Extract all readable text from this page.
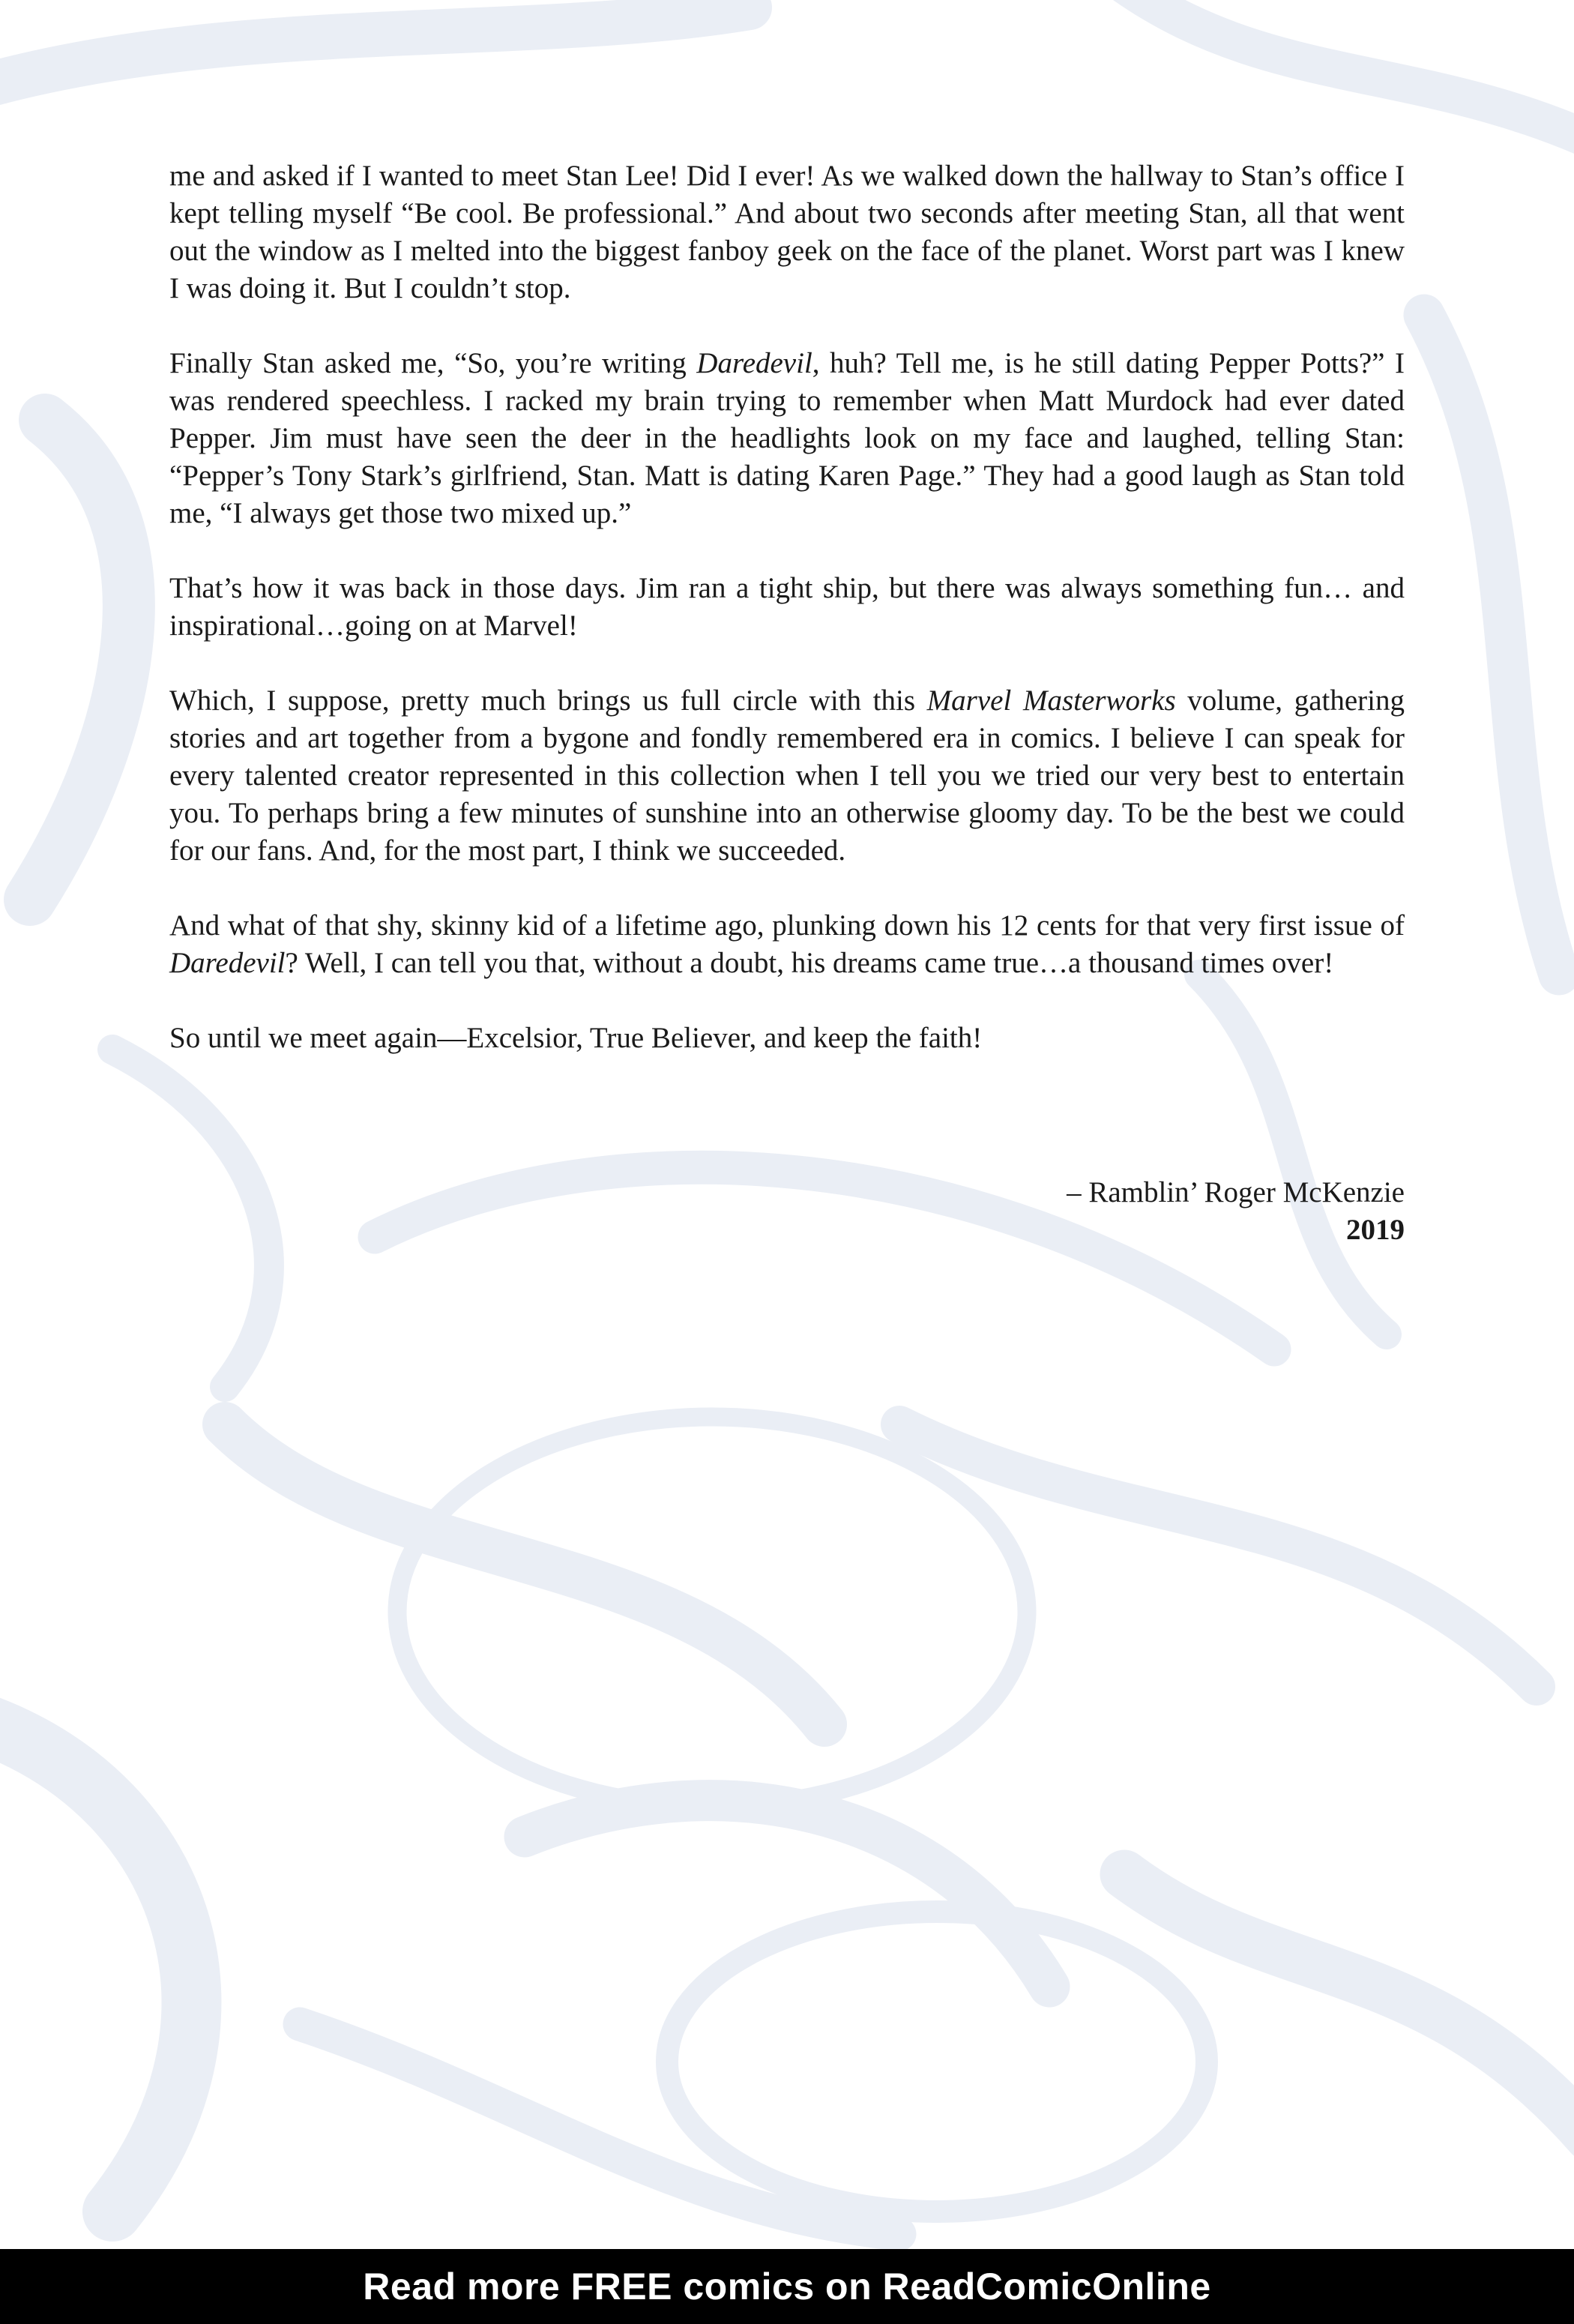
me and asked if I wanted to meet Stan Lee! Did I ever! As we walked down the hallway to Stan’s office I kept telling myself “Be cool. Be professional.” And about two seconds after meeting Stan, all that went out the window as I melted into the biggest fanboy geek on the face of the planet. Worst part was I knew I was doing it. But I couldn’t stop.

Finally Stan asked me, “So, you’re writing Daredevil, huh? Tell me, is he still dating Pepper Potts?” I was rendered speechless. I racked my brain trying to remember when Matt Murdock had ever dated Pepper. Jim must have seen the deer in the headlights look on my face and laughed, telling Stan: “Pepper’s Tony Stark’s girlfriend, Stan. Matt is dating Karen Page.” They had a good laugh as Stan told me, “I always get those two mixed up.”

That’s how it was back in those days. Jim ran a tight ship, but there was always something fun… and inspirational…going on at Marvel!

Which, I suppose, pretty much brings us full circle with this Marvel Masterworks volume, gathering stories and art together from a bygone and fondly remembered era in comics. I believe I can speak for every talented creator represented in this collection when I tell you we tried our very best to entertain you. To perhaps bring a few minutes of sunshine into an otherwise gloomy day. To be the best we could for our fans. And, for the most part, I think we succeeded.

And what of that shy, skinny kid of a lifetime ago, plunking down his 12 cents for that very first issue of Daredevil? Well, I can tell you that, without a doubt, his dreams came true…a thousand times over!

So until we meet again—Excelsior, True Believer, and keep the faith!

– Ramblin’ Roger McKenzie
2019
Read more FREE comics on ReadComicOnline
